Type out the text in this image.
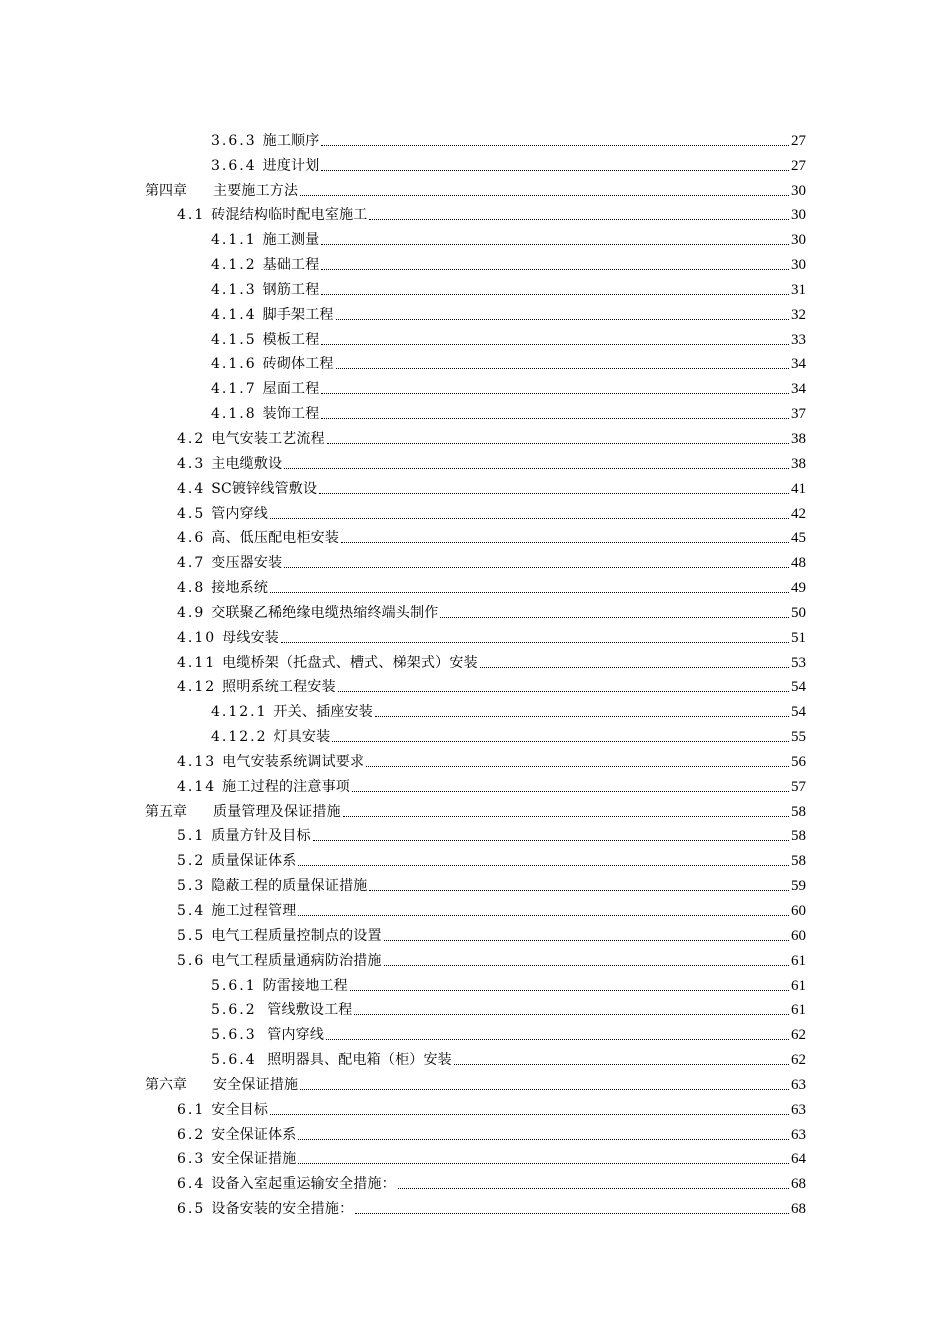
3.6.3 施工顺序	27
3.6.4 进度计划	27
第四章 主要施工方法	30
4.1 砖混结构临时配电室施工	30
4.1.1 施工测量	30
4.1.2 基础工程	30
4.1.3 钢筋工程	31
4.1.4 脚手架工程	32
4.1.5 模板工程	33
4.1.6 砖砌体工程	34
4.1.7 屋面工程	34
4.1.8 装饰工程	37
4.2 电气安装工艺流程	38
4.3 主电缆敷设	38
4.4 SC镀锌线管敷设	41
4.5 管内穿线	42
4.6 高、低压配电柜安装	45
4.7 变压器安装	48
4.8 接地系统	49
4.9 交联聚乙稀绝缘电缆热缩终端头制作	50
4.10 母线安装	51
4.11 电缆桥架（托盘式、槽式、梯架式）安装	53
4.12 照明系统工程安装	54
4.12.1 开关、插座安装	54
4.12.2 灯具安装	55
4.13 电气安装系统调试要求	56
4.14 施工过程的注意事项	57
第五章 质量管理及保证措施	58
5.1 质量方针及目标	58
5.2 质量保证体系	58
5.3 隐蔽工程的质量保证措施	59
5.4 施工过程管理	60
5.5 电气工程质量控制点的设置	60
5.6 电气工程质量通病防治措施	61
5.6.1 防雷接地工程	61
5.6.2 管线敷设工程	61
5.6.3 管内穿线	62
5.6.4 照明器具、配电箱（柜）安装	62
第六章 安全保证措施	63
6.1 安全目标	63
6.2 安全保证体系	63
6.3 安全保证措施	64
6.4 设备入室起重运输安全措施：	68
6.5 设备安装的安全措施：	68
